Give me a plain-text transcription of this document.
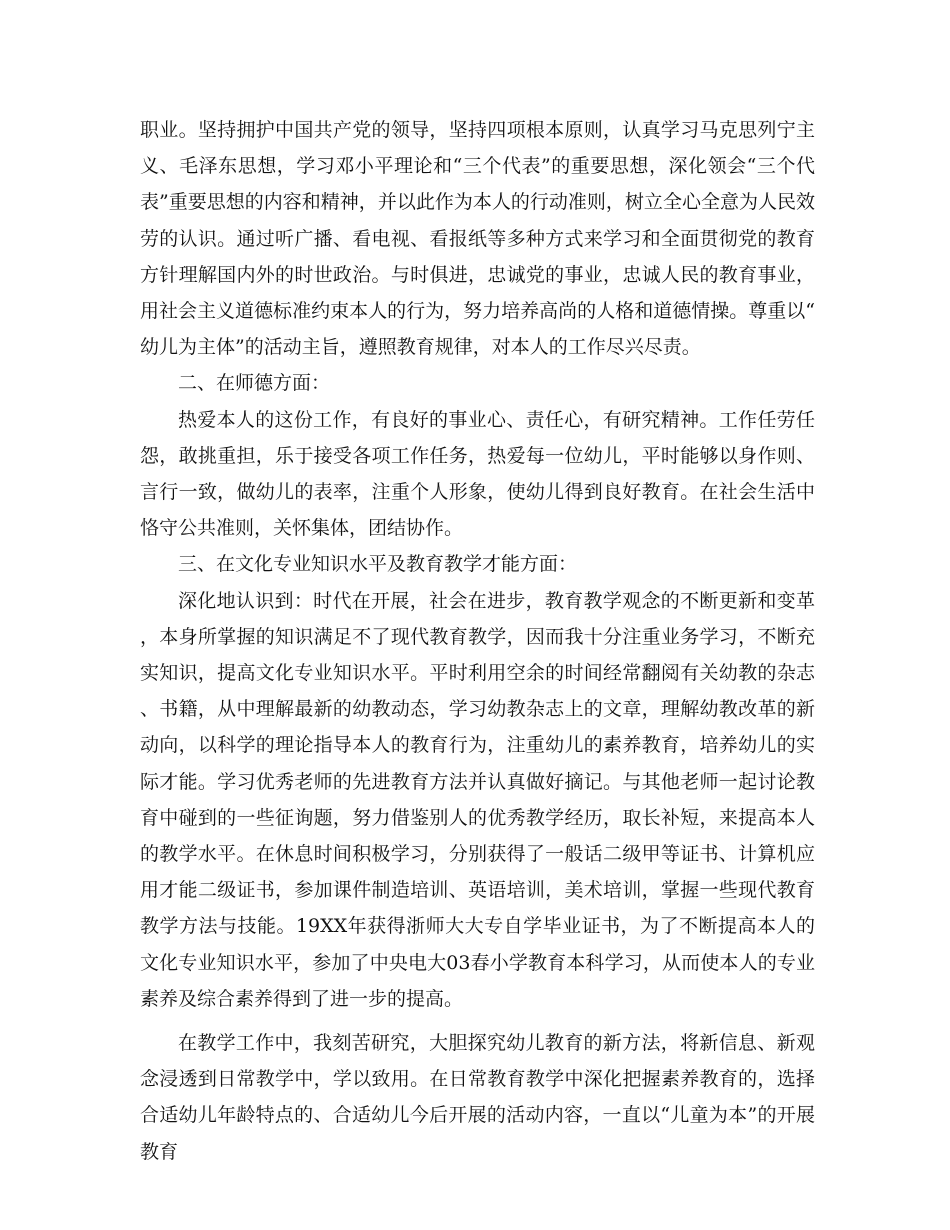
职业。坚持拥护中国共产党的领导，坚持四项根本原则，认真学习马克思列宁主义、毛泽东思想，学习邓小平理论和“三个代表”的重要思想，深化领会“三个代表”重要思想的内容和精神，并以此作为本人的行动准则，树立全心全意为人民效劳的认识。通过听广播、看电视、看报纸等多种方式来学习和全面贯彻党的教育方针理解国内外的时世政治。与时俱进，忠诚党的事业，忠诚人民的教育事业，用社会主义道德标准约束本人的行为，努力培养高尚的人格和道德情操。尊重以“幼儿为主体”的活动主旨，遵照教育规律，对本人的工作尽兴尽责。

二、在师德方面：

热爱本人的这份工作，有良好的事业心、责任心，有研究精神。工作任劳任怨，敢挑重担，乐于接受各项工作任务，热爱每一位幼儿，平时能够以身作则、言行一致，做幼儿的表率，注重个人形象，使幼儿得到良好教育。在社会生活中恪守公共准则，关怀集体，团结协作。

三、在文化专业知识水平及教育教学才能方面：

深化地认识到：时代在开展，社会在进步，教育教学观念的不断更新和变革，本身所掌握的知识满足不了现代教育教学，因而我十分注重业务学习，不断充实知识，提高文化专业知识水平。平时利用空余的时间经常翻阅有关幼教的杂志、书籍，从中理解最新的幼教动态，学习幼教杂志上的文章，理解幼教改革的新动向，以科学的理论指导本人的教育行为，注重幼儿的素养教育，培养幼儿的实际才能。学习优秀老师的先进教育方法并认真做好摘记。与其他老师一起讨论教育中碰到的一些征询题，努力借鉴别人的优秀教学经历，取长补短，来提高本人的教学水平。在休息时间积极学习，分别获得了一般话二级甲等证书、计算机应用才能二级证书，参加课件制造培训、英语培训，美术培训，掌握一些现代教育教学方法与技能。19XX年获得浙师大大专自学毕业证书，为了不断提高本人的文化专业知识水平，参加了中央电大03春小学教育本科学习，从而使本人的专业素养及综合素养得到了进一步的提高。

在教学工作中，我刻苦研究，大胆探究幼儿教育的新方法，将新信息、新观念浸透到日常教学中，学以致用。在日常教育教学中深化把握素养教育的，选择合适幼儿年龄特点的、合适幼儿今后开展的活动内容，一直以“儿童为本”的开展教育
